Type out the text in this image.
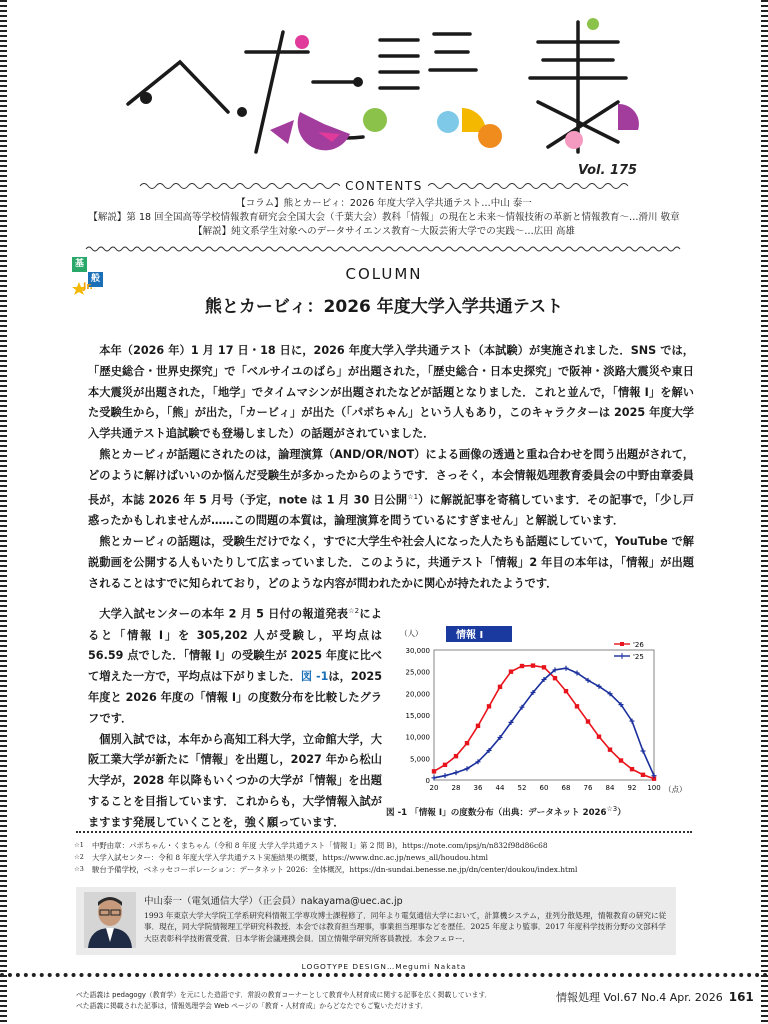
Vol. 175
CONTENTS
【コラム】熊とカービィ：2026 年度大学入学共通テスト…中山 泰一
【解説】第 18 回全国高等学校情報教育研究会全国大会（千葉大会）教科「情報」の現在と未来〜情報技術の革新と情報教育〜…滑川 敬章
【解説】純文系学生対象へのデータサイエンス教育〜大阪芸術大学での実践〜…広田 高雄
基
般
Jr.
COLUMN
熊とカービィ：2026 年度大学入学共通テスト

本年（2026 年）1 月 17 日・18 日に，2026 年度大学入学共通テスト（本試験）が実施されました．SNS では，「歴史総合・世界史探究」で「ベルサイユのばら」が出題された，「歴史総合・日本史探究」で阪神・淡路大震災や東日本大震災が出題された，「地学」でタイムマシンが出題されたなどが話題となりました．これと並んで，「情報 I」を解いた受験生から，「熊」が出た，「カービィ」が出た（「パポちゃん」という人もあり，このキャラクターは 2025 年度大学入学共通テスト追試験でも登場しました）の話題がされていました．

熊とカービィが話題にされたのは，論理演算（AND/OR/NOT）による画像の透過と重ね合わせを問う出題がされて，どのように解けばいいのか悩んだ受験生が多かったからのようです．さっそく，本会情報処理教育委員会の中野由章委員長が，本誌 2026 年 5 月号（予定，note は 1 月 30 日公開$^{☆1}$）に解説記事を寄稿しています．その記事で，「少し戸惑ったかもしれませんが……この問題の本質は，論理演算を問うているにすぎません」と解説しています．

熊とカービィの話題は，受験生だけでなく，すでに大学生や社会人になった人たちも話題にしていて，YouTube で解説動画を公開する人もいたりして広まっていました．このように，共通テスト「情報」2 年目の本年は，「情報」が出題されることはすでに知られており，どのような内容が問われたかに関心が持たれたようです．

大学入試センターの本年 2 月 5 日付の報道発表$^{☆2}$によると「情報 I」を 305,202 人が受験し，平均点は 56.59 点でした．「情報 I」の受験生が 2025 年度に比べて増えた一方で，平均点は下がりました．図 -1は，2025 年度と 2026 年度の「情報 I」の度数分布を比較したグラフです．

個別入試では，本年から高知工科大学，立命館大学，大阪工業大学が新たに「情報」を出題し，2027 年から松山大学が，2028 年以降もいくつかの大学が「情報」を出題することを目指しています．これからも，大学情報入試がますます発展していくことを，強く願っています．

（人）
（点）
30,000
25,000
20,000
15,000
10,000
5,000
0
20 28 36 44 52 60 68 76 84 92 100
情報 I
'26
'25
図 -1 「情報 I」の度数分布（出典：データネット $2026^{☆3}$）
☆1 中野由章：パポちゃん・くまちゃん（令和 8 年度 大学入学共通テスト「情報 I」第 2 問 B)，https://note.com/ipsj/n/n832f98d86c68
☆2 大学入試センター：令和 8 年度大学入学共通テスト実施結果の概要，https://www.dnc.ac.jp/news_all/houdou.html
☆3 駿台予備学校，ベネッセコーポレーション：データネット 2026：全体概況，https://dn-sundai.benesse.ne.jp/dn/center/doukou/index.html
中山泰一（電気通信大学）（正会員）nakayama@uec.ac.jp
1993 年東京大学大学院工学系研究科情報工学専攻博士課程修了．同年より電気通信大学において，計算機システム，並列分散処理，情報教育の研究に従事．現在，同大学院情報理工学研究科教授．本会では教育担当理事，事業担当理事などを歴任．2025 年度より監事．2017 年度科学技術分野の文部科学大臣表彰科学技術賞受賞．日本学術会議連携会員．国立情報学研究所客員教授．本会フェロー．
LOGOTYPE DESIGN…Megumi Nakata
べた語義は pedagogy（教育学）を元にした造語です．常設の教育コーナーとして教育や人材育成に関する記事を広く掲載しています．
べた語義に掲載された記事は，情報処理学会 Web ページの「教育・人材育成」からどなたでもご覧いただけます．
情報処理 Vol.67 No.4 Apr. 2026 161
